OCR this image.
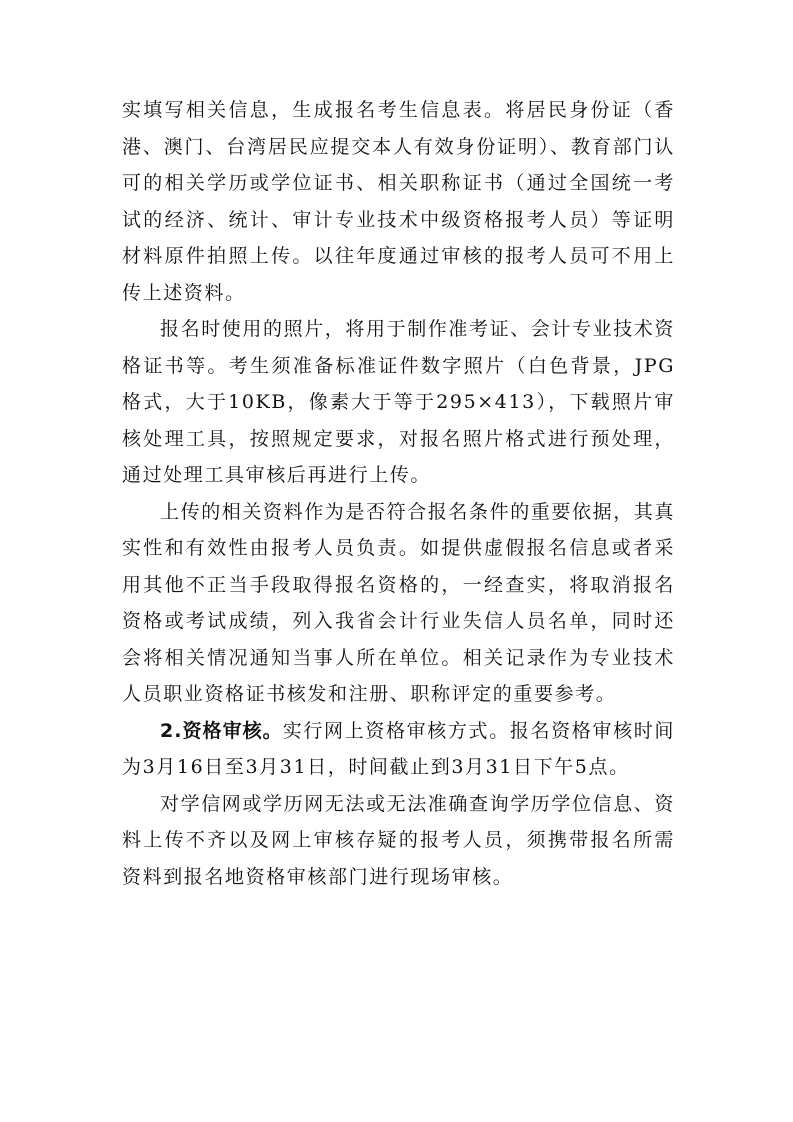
实填写相关信息，生成报名考生信息表。将居民身份证（香港、澳门、台湾居民应提交本人有效身份证明）、教育部门认可的相关学历或学位证书、相关职称证书（通过全国统一考试的经济、统计、审计专业技术中级资格报考人员）等证明材料原件拍照上传。以往年度通过审核的报考人员可不用上传上述资料。

报名时使用的照片，将用于制作准考证、会计专业技术资格证书等。考生须准备标准证件数字照片（白色背景，JPG格式，大于10KB，像素大于等于295×413），下载照片审核处理工具，按照规定要求，对报名照片格式进行预处理，通过处理工具审核后再进行上传。

上传的相关资料作为是否符合报名条件的重要依据，其真实性和有效性由报考人员负责。如提供虚假报名信息或者采用其他不正当手段取得报名资格的，一经查实，将取消报名资格或考试成绩，列入我省会计行业失信人员名单，同时还会将相关情况通知当事人所在单位。相关记录作为专业技术人员职业资格证书核发和注册、职称评定的重要参考。

2.资格审核。实行网上资格审核方式。报名资格审核时间为3月16日至3月31日，时间截止到3月31日下午5点。

对学信网或学历网无法或无法准确查询学历学位信息、资料上传不齐以及网上审核存疑的报考人员，须携带报名所需资料到报名地资格审核部门进行现场审核。
